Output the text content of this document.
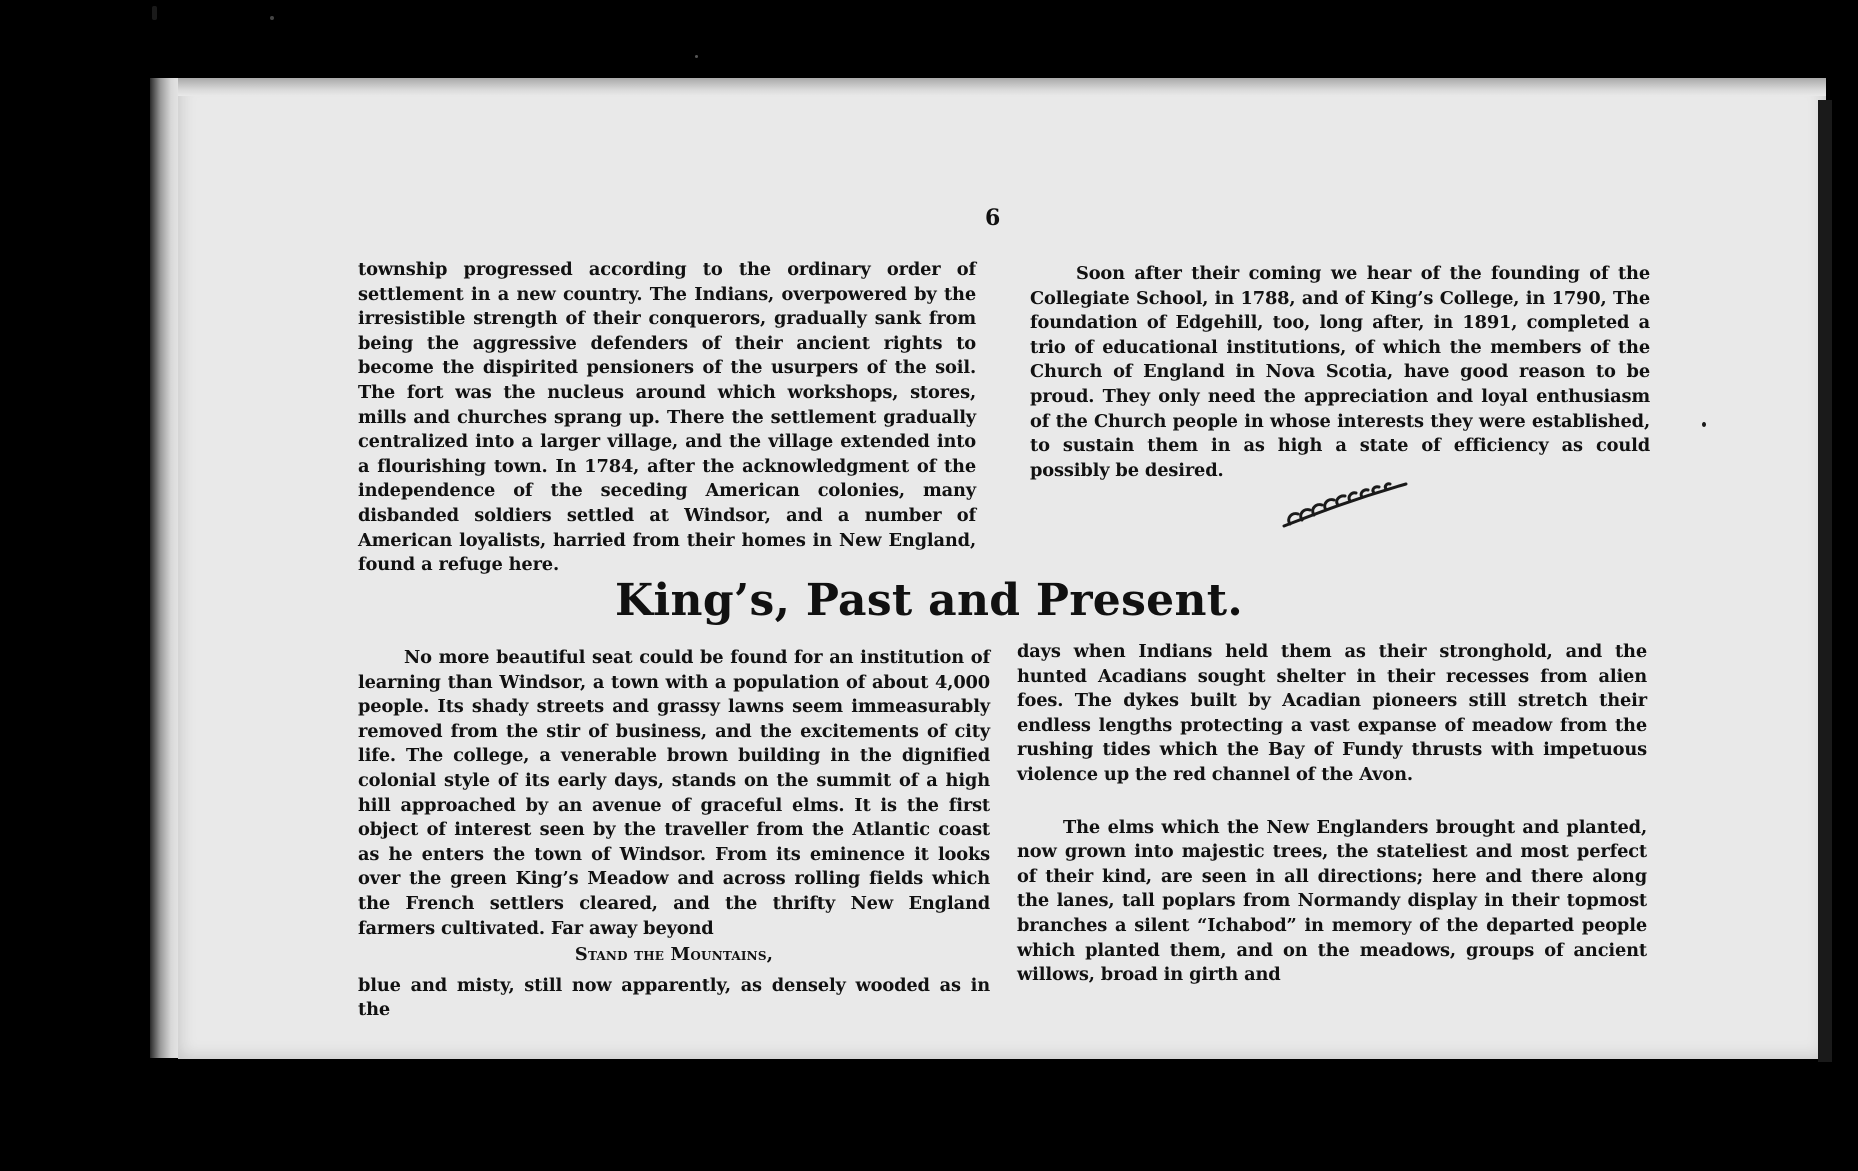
6

township progressed according to the ordinary order of settlement in a new country. The Indians, overpowered by the irresistible strength of their conquerors, gradually sank from being the aggressive defenders of their ancient rights to become the dispirited pensioners of the usurpers of the soil. The fort was the nucleus around which workshops, stores, mills and churches sprang up. There the settlement gradually centralized into a larger village, and the village extended into a flourishing town. In 1784, after the acknowledgment of the independence of the seceding American colonies, many disbanded soldiers settled at Windsor, and a number of American loyalists, harried from their homes in New England, found a refuge here.

Soon after their coming we hear of the founding of the Collegiate School, in 1788, and of King’s College, in 1790, The foundation of Edgehill, too, long after, in 1891, completed a trio of educational institutions, of which the members of the Church of England in Nova Scotia, have good reason to be proud. They only need the appreciation and loyal enthusiasm of the Church people in whose interests they were established, to sustain them in as high a state of efficiency as could possibly be desired.

King’s, Past and Present.

No more beautiful seat could be found for an institution of learning than Windsor, a town with a population of about 4,000 people. Its shady streets and grassy lawns seem immeasurably removed from the stir of business, and the excitements of city life. The college, a venerable brown building in the dignified colonial style of its early days, stands on the summit of a high hill approached by an avenue of graceful elms. It is the first object of interest seen by the traveller from the Atlantic coast as he enters the town of Windsor. From its eminence it looks over the green King’s Meadow and across rolling fields which the French settlers cleared, and the thrifty New England farmers cultivated. Far away beyond

Stand the Mountains,

blue and misty, still now apparently, as densely wooded as in the

days when Indians held them as their stronghold, and the hunted Acadians sought shelter in their recesses from alien foes. The dykes built by Acadian pioneers still stretch their endless lengths protecting a vast expanse of meadow from the rushing tides which the Bay of Fundy thrusts with impetuous violence up the red channel of the Avon.

The elms which the New Englanders brought and planted, now grown into majestic trees, the stateliest and most perfect of their kind, are seen in all directions; here and there along the lanes, tall poplars from Normandy display in their topmost branches a silent “Ichabod” in memory of the departed people which planted them, and on the meadows, groups of ancient willows, broad in girth and
